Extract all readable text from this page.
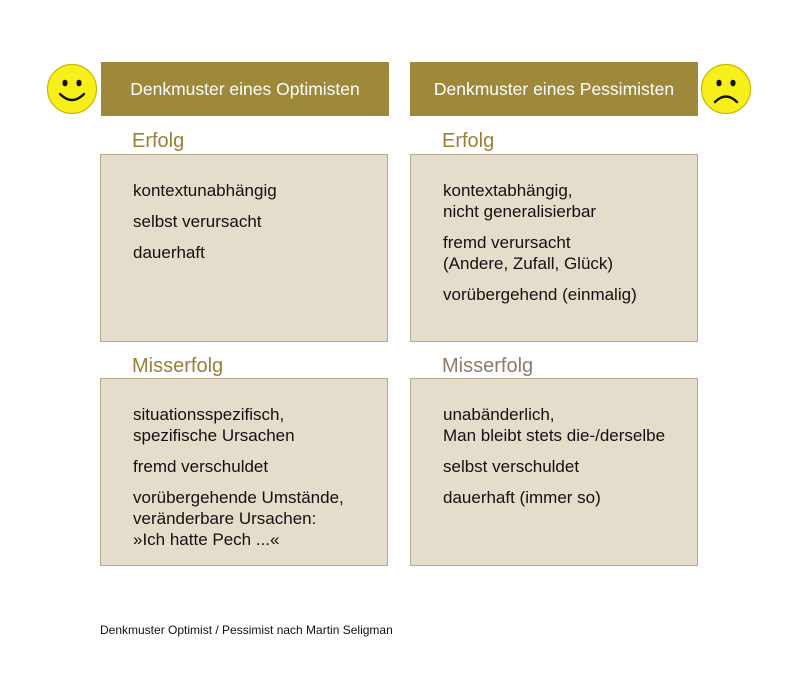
Denkmuster eines Optimisten	Denkmuster eines Pessimisten
Erfolg	Erfolg
kontextunabhängig
selbst verursacht
dauerhaft
kontextabhängig,
nicht generalisierbar
fremd verursacht
(Andere, Zufall, Glück)
vorübergehend (einmalig)
Misserfolg	Misserfolg
situationsspezifisch,
spezifische Ursachen
fremd verschuldet
vorübergehende Umstände,
veränderbare Ursachen:
»Ich hatte Pech ...«
unabänderlich,
Man bleibt stets die-/derselbe
selbst verschuldet
dauerhaft (immer so)
Denkmuster Optimist / Pessimist nach Martin Seligman
